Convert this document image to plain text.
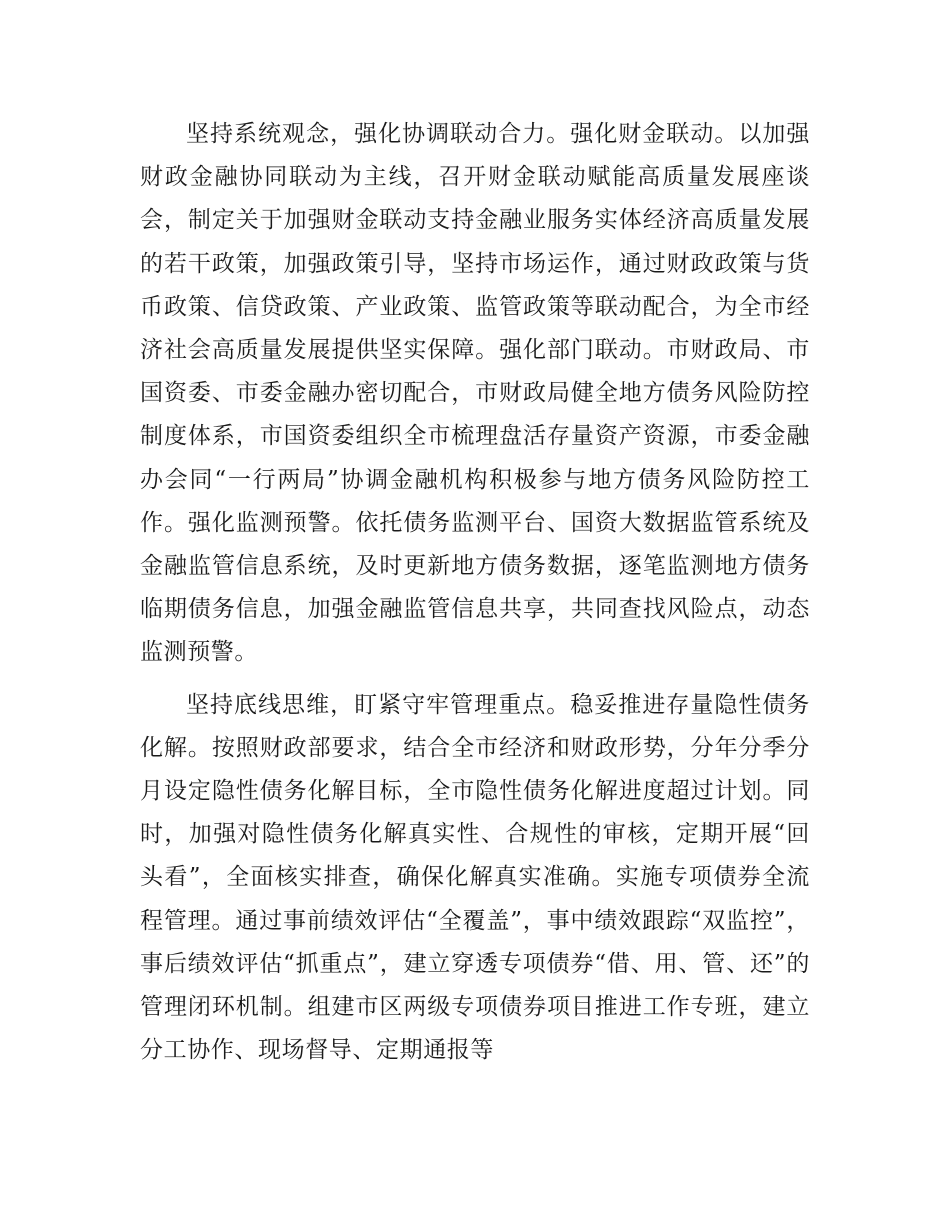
坚持系统观念，强化协调联动合力。强化财金联动。以加强财政金融协同联动为主线，召开财金联动赋能高质量发展座谈会，制定关于加强财金联动支持金融业服务实体经济高质量发展的若干政策，加强政策引导，坚持市场运作，通过财政政策与货币政策、信贷政策、产业政策、监管政策等联动配合，为全市经济社会高质量发展提供坚实保障。强化部门联动。市财政局、市国资委、市委金融办密切配合，市财政局健全地方债务风险防控制度体系，市国资委组织全市梳理盘活存量资产资源，市委金融办会同“一行两局”协调金融机构积极参与地方债务风险防控工作。强化监测预警。依托债务监测平台、国资大数据监管系统及金融监管信息系统，及时更新地方债务数据，逐笔监测地方债务临期债务信息，加强金融监管信息共享，共同查找风险点，动态监测预警。

坚持底线思维，盯紧守牢管理重点。稳妥推进存量隐性债务化解。按照财政部要求，结合全市经济和财政形势，分年分季分月设定隐性债务化解目标，全市隐性债务化解进度超过计划。同时，加强对隐性债务化解真实性、合规性的审核，定期开展“回头看”，全面核实排查，确保化解真实准确。实施专项债券全流程管理。通过事前绩效评估“全覆盖”，事中绩效跟踪“双监控”，事后绩效评估“抓重点”，建立穿透专项债券“借、用、管、还”的管理闭环机制。组建市区两级专项债券项目推进工作专班，建立分工协作、现场督导、定期通报等
